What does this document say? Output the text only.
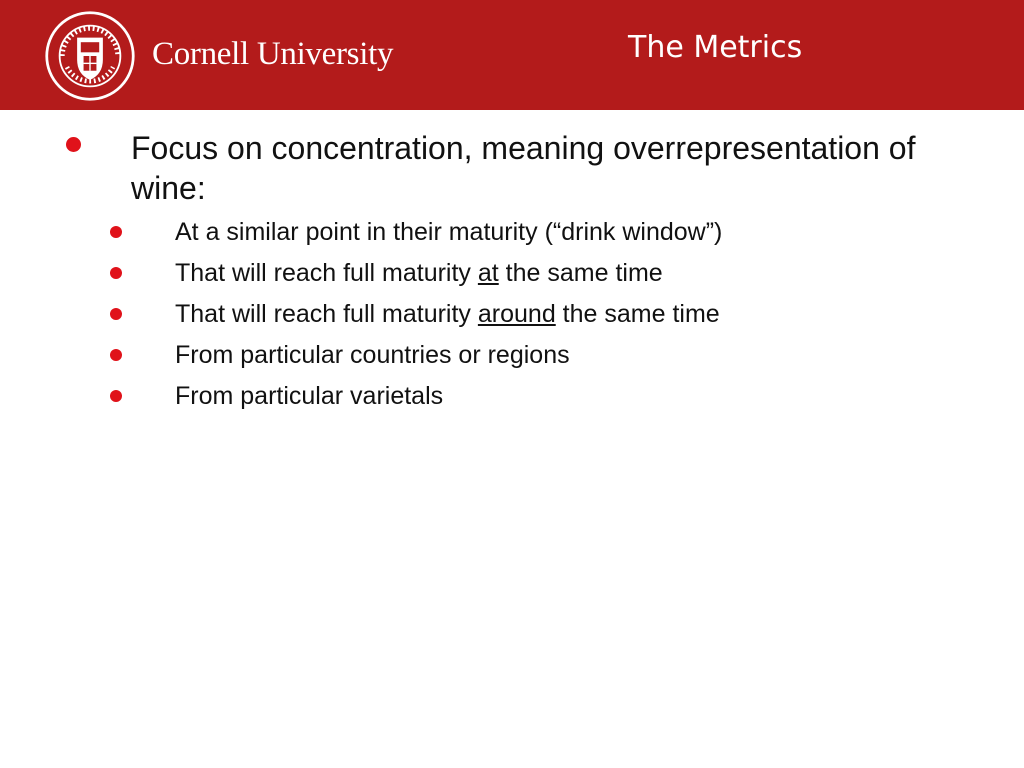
Cornell University	The Metrics
Focus on concentration, meaning overrepresentation of wine:
At a similar point in their maturity (“drink window”)
That will reach full maturity at the same time
That will reach full maturity around the same time
From particular countries or regions
From particular varietals
